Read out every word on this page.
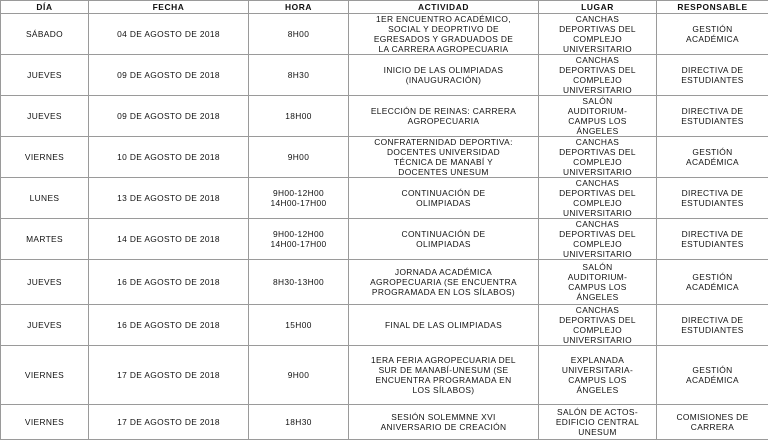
DÍA	FECHA	HORA	ACTIVIDAD	LUGAR	RESPONSABLE
SÁBADO	04 DE AGOSTO DE 2018	8H00	1ER ENCUENTRO ACADÉMICO,
SOCIAL Y DEOPRTIVO DE
EGRESADOS Y GRADUADOS DE
LA CARRERA AGROPECUARIA	CANCHAS
DEPORTIVAS DEL
COMPLEJO
UNIVERSITARIO	GESTIÓN
ACADÉMICA

JUEVES	09 DE AGOSTO DE 2018	8H30	INICIO DE LAS OLIMPIADAS
(INAUGURACIÓN)	CANCHAS
DEPORTIVAS DEL
COMPLEJO
UNIVERSITARIO	DIRECTIVA DE
ESTUDIANTES

JUEVES	09 DE AGOSTO DE 2018	18H00	ELECCIÓN DE REINAS: CARRERA
AGROPECUARIA	SALÓN
AUDITORIUM-
CAMPUS LOS
ÁNGELES	DIRECTIVA DE
ESTUDIANTES

VIERNES	10 DE AGOSTO DE 2018	9H00	CONFRATERNIDAD DEPORTIVA:
DOCENTES UNIVERSIDAD
TÉCNICA DE MANABÍ Y
DOCENTES UNESUM	CANCHAS
DEPORTIVAS DEL
COMPLEJO
UNIVERSITARIO	GESTIÓN
ACADÉMICA

LUNES	13 DE AGOSTO DE 2018	9H00-12H00
14H00-17H00	CONTINUACIÓN DE
OLIMPIADAS	CANCHAS
DEPORTIVAS DEL
COMPLEJO
UNIVERSITARIO	DIRECTIVA DE
ESTUDIANTES

MARTES	14 DE AGOSTO DE 2018	9H00-12H00
14H00-17H00	CONTINUACIÓN DE
OLIMPIADAS	CANCHAS
DEPORTIVAS DEL
COMPLEJO
UNIVERSITARIO	DIRECTIVA DE
ESTUDIANTES

JUEVES	16 DE AGOSTO DE 2018	8H30-13H00	JORNADA ACADÉMICA
AGROPECUARIA (SE ENCUENTRA
PROGRAMADA EN LOS SÍLABOS)	SALÓN
AUDITORIUM-
CAMPUS LOS
ÁNGELES	GESTIÓN
ACADÉMICA

JUEVES	16 DE AGOSTO DE 2018	15H00	FINAL DE LAS OLIMPIADAS	CANCHAS
DEPORTIVAS DEL
COMPLEJO
UNIVERSITARIO	DIRECTIVA DE
ESTUDIANTES

VIERNES	17 DE AGOSTO DE 2018	9H00	1ERA FERIA AGROPECUARIA DEL
SUR DE MANABÍ-UNESUM (SE
ENCUENTRA PROGRAMADA EN
LOS SÍLABOS)	EXPLANADA
UNIVERSITARIA-
CAMPUS LOS
ÁNGELES	GESTIÓN
ACADÉMICA

VIERNES	17 DE AGOSTO DE 2018	18H30	SESIÓN SOLEMMNE XVI
ANIVERSARIO DE CREACIÓN	SALÓN DE ACTOS-
EDIFICIO CENTRAL
UNESUM	COMISIONES DE
CARRERA
